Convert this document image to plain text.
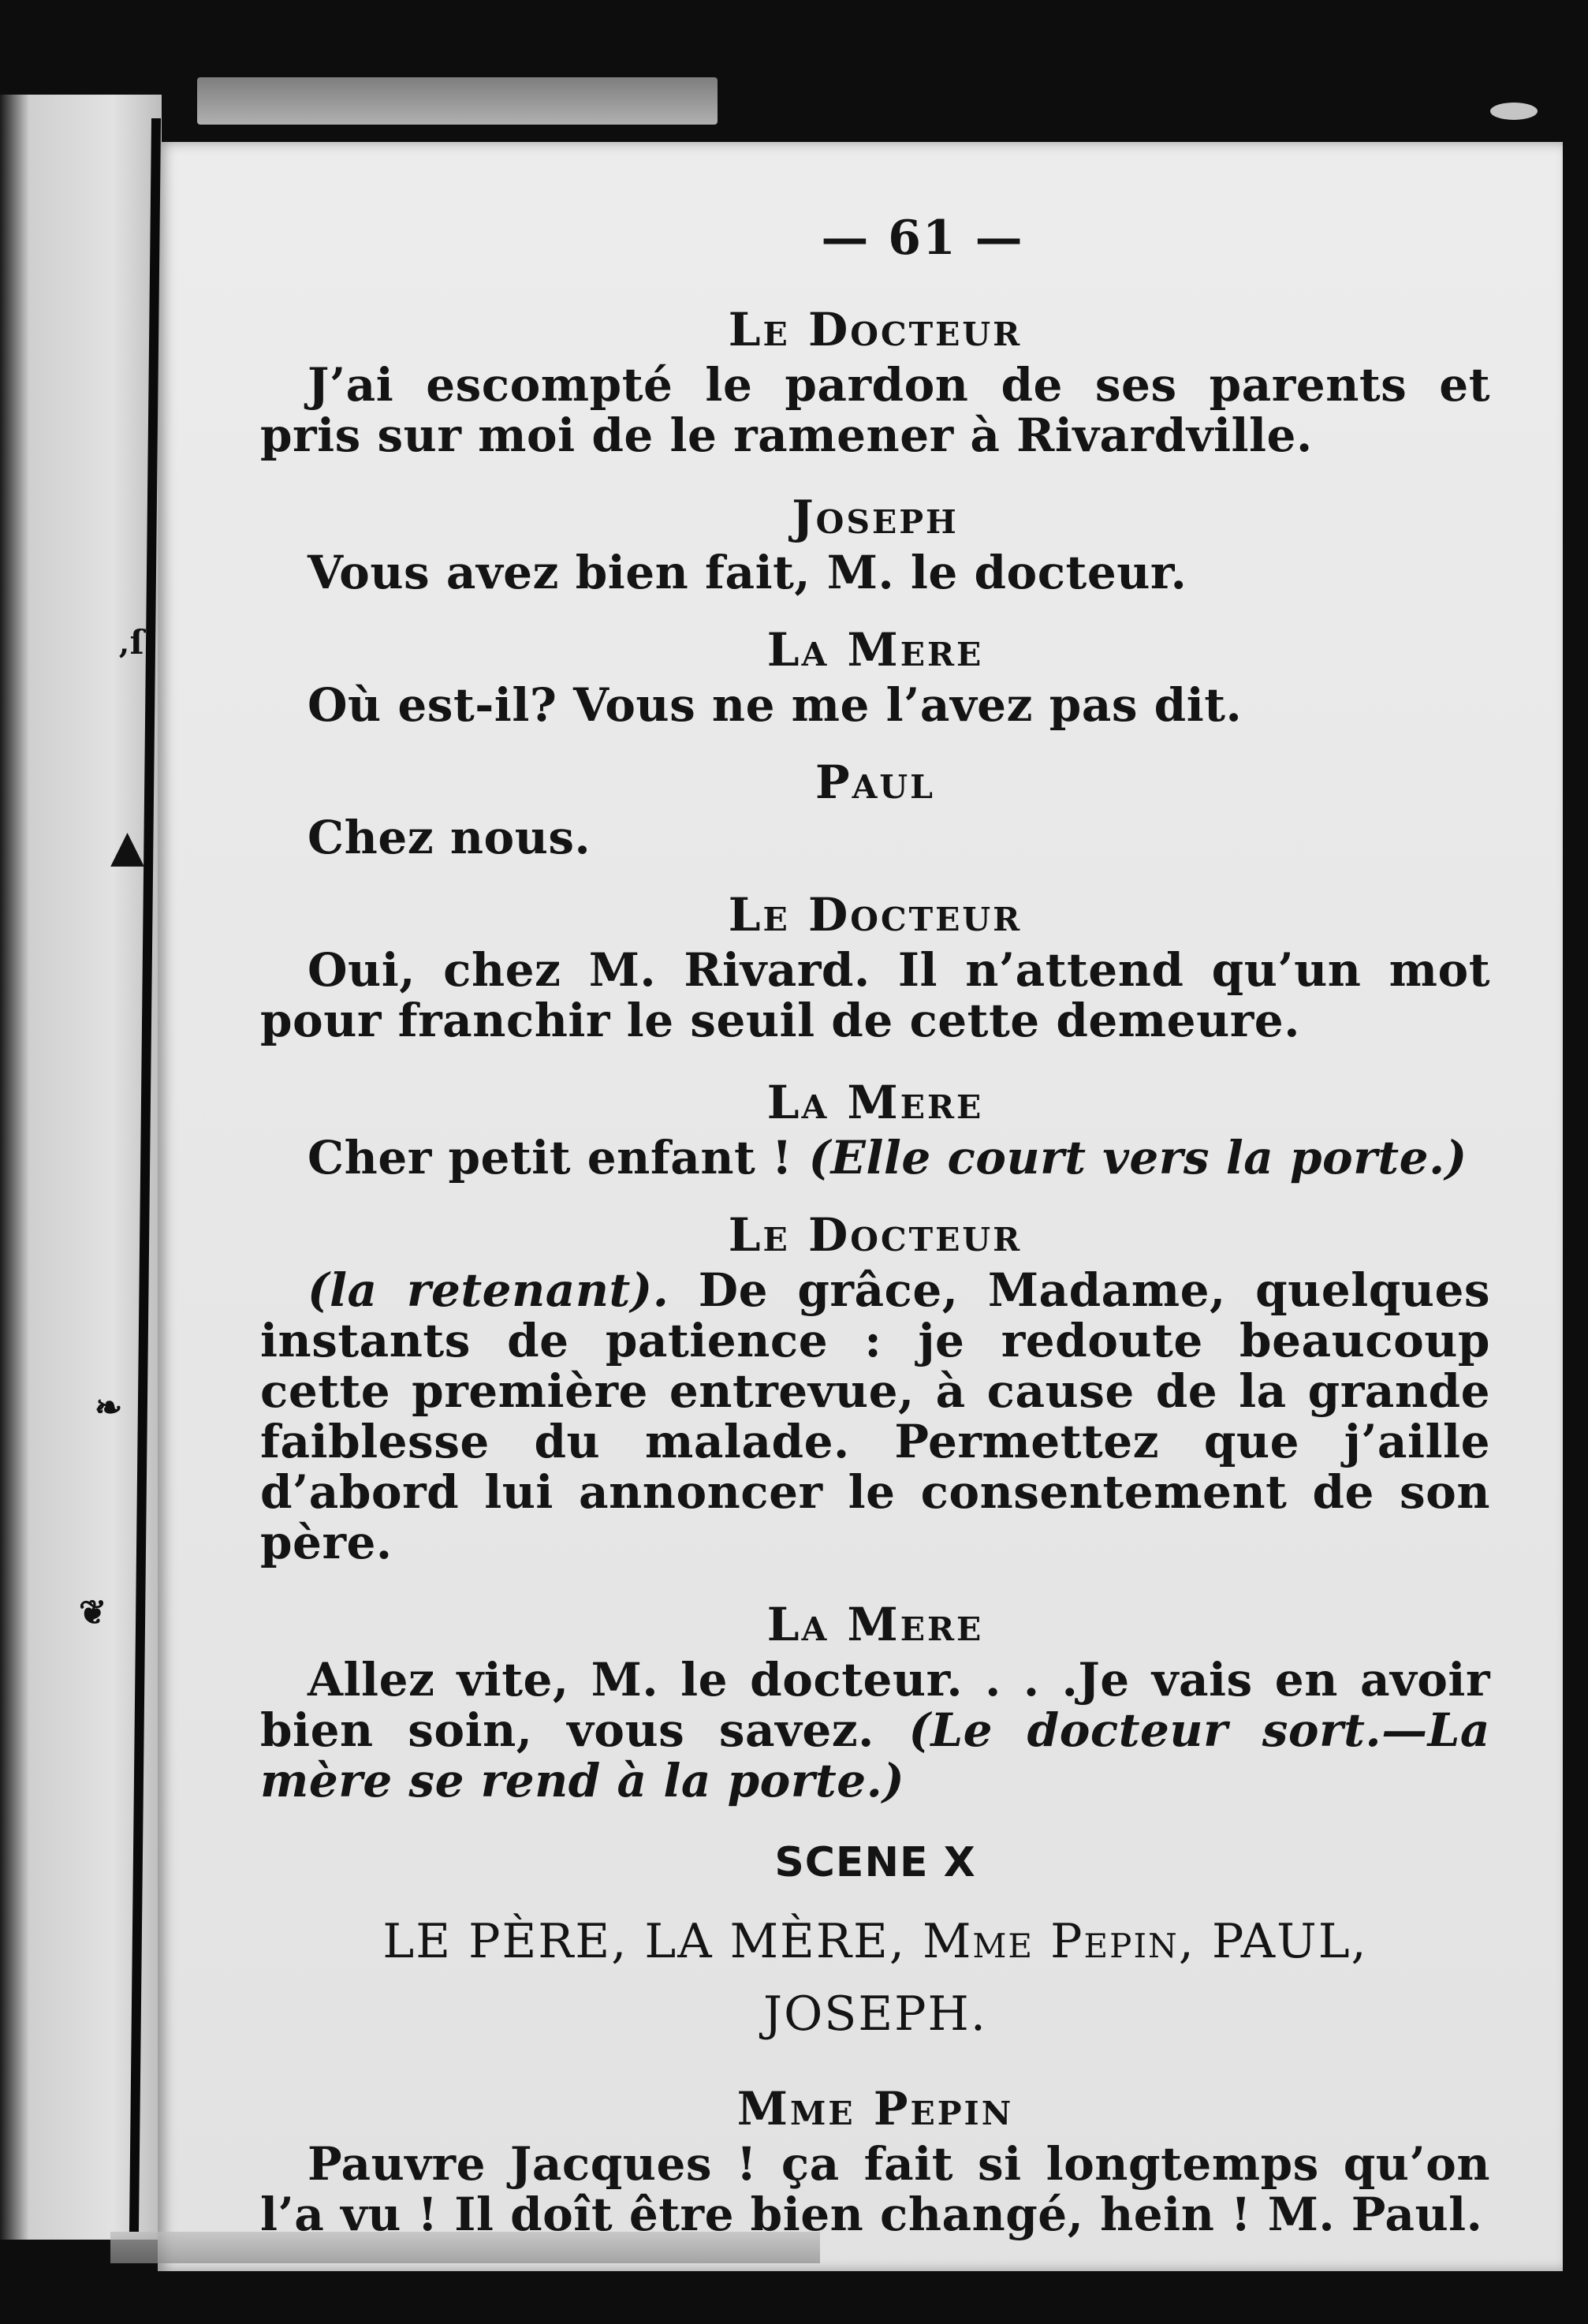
‚ſ
▲
❧
❦
— 61 —
Le Docteur

J’ai escompté le pardon de ses parents et pris sur moi de le ramener à Rivardville.

Joseph

Vous avez bien fait, M. le docteur.

La Mere

Où est-il? Vous ne me l’avez pas dit.

Paul

Chez nous.

Le Docteur

Oui, chez M. Rivard. Il n’attend qu’un mot pour franchir le seuil de cette demeure.

La Mere

Cher petit enfant ! (Elle court vers la porte.)

Le Docteur

(la retenant). De grâce, Madame, quelques instants de patience : je redoute beaucoup cette première entrevue, à cause de la grande faiblesse du malade. Permettez que j’aille d’abord lui annoncer le consentement de son père.

La Mere

Allez vite, M. le docteur. . . .Je vais en avoir bien soin, vous savez. (Le docteur sort.—La mère se rend à la porte.)

SCENE X
LE PÈRE, LA MÈRE, Mme Pepin, PAUL,
JOSEPH.
Mme Pepin

Pauvre Jacques ! ça fait si longtemps qu’on l’a vu ! Il doît être bien changé, hein ! M. Paul.
